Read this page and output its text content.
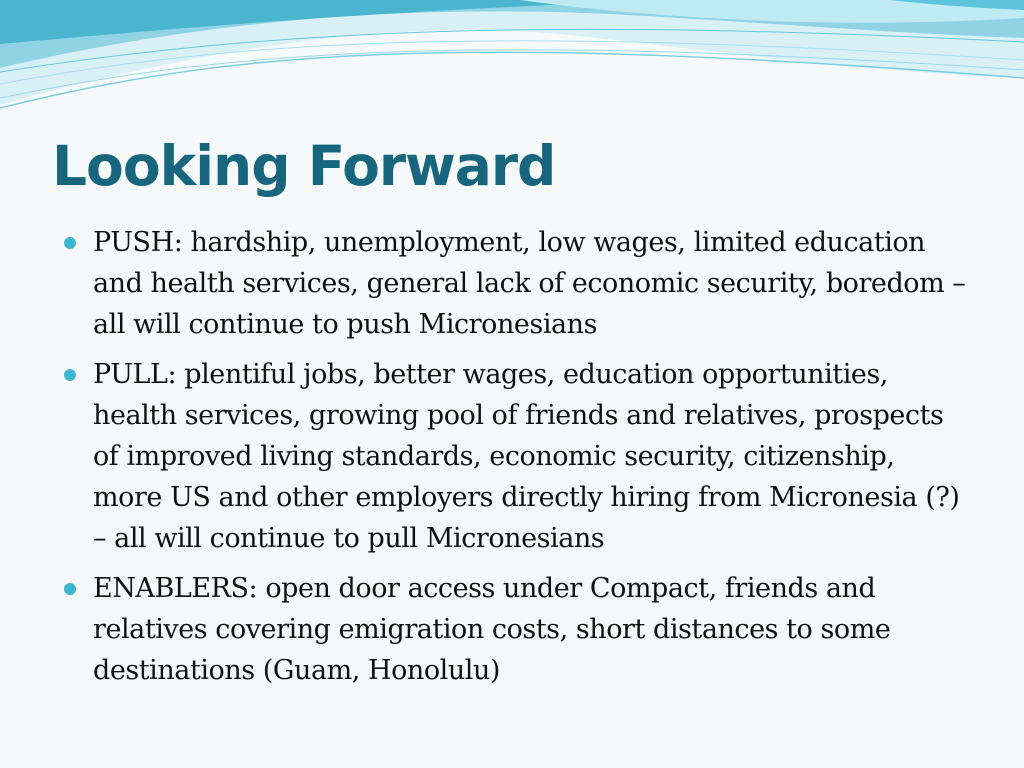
Looking Forward
PUSH: hardship, unemployment, low wages, limited education and health services, general lack of economic security, boredom – all will continue to push Micronesians
PULL: plentiful jobs, better wages, education opportunities, health services, growing pool of friends and relatives, prospects of improved living standards, economic security, citizenship, more US and other employers directly hiring from Micronesia (?) – all will continue to pull Micronesians
ENABLERS: open door access under Compact, friends and relatives covering emigration costs, short distances to some destinations (Guam, Honolulu)
